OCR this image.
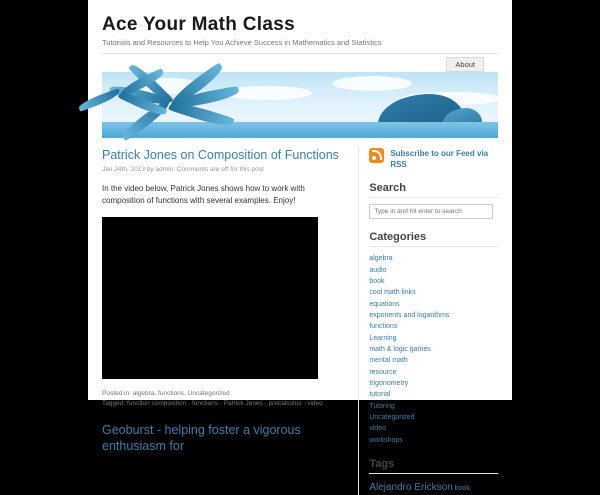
Ace Your Math Class
Tutorials and Resources to Help You Achieve Success in Mathematics and Statistics
About
Patrick Jones on Composition of Functions
Jan 24th, 2013 by admin. Comments are off for this post

In the video below, Patrick Jones shows how to work with composition of functions with several examples. Enjoy!

Posted in: algebra, functions, Uncategorized
Tagged: function composition · functions · Patrick Jones · precalculus · video
Geoburst - helping foster a vigorous enthusiasm for
Subscribe to our Feed via
RSS
Search
Type in and hit enter to search
Categories
algebra
audio
book
cool math links
equations
exponents and logarithms
functions
Learning
math & logic games
mental math
resource
trigonometry
tutorial
Tutoring
Uncategorized
video
workshops
Tags
Alejandro Erickson book
